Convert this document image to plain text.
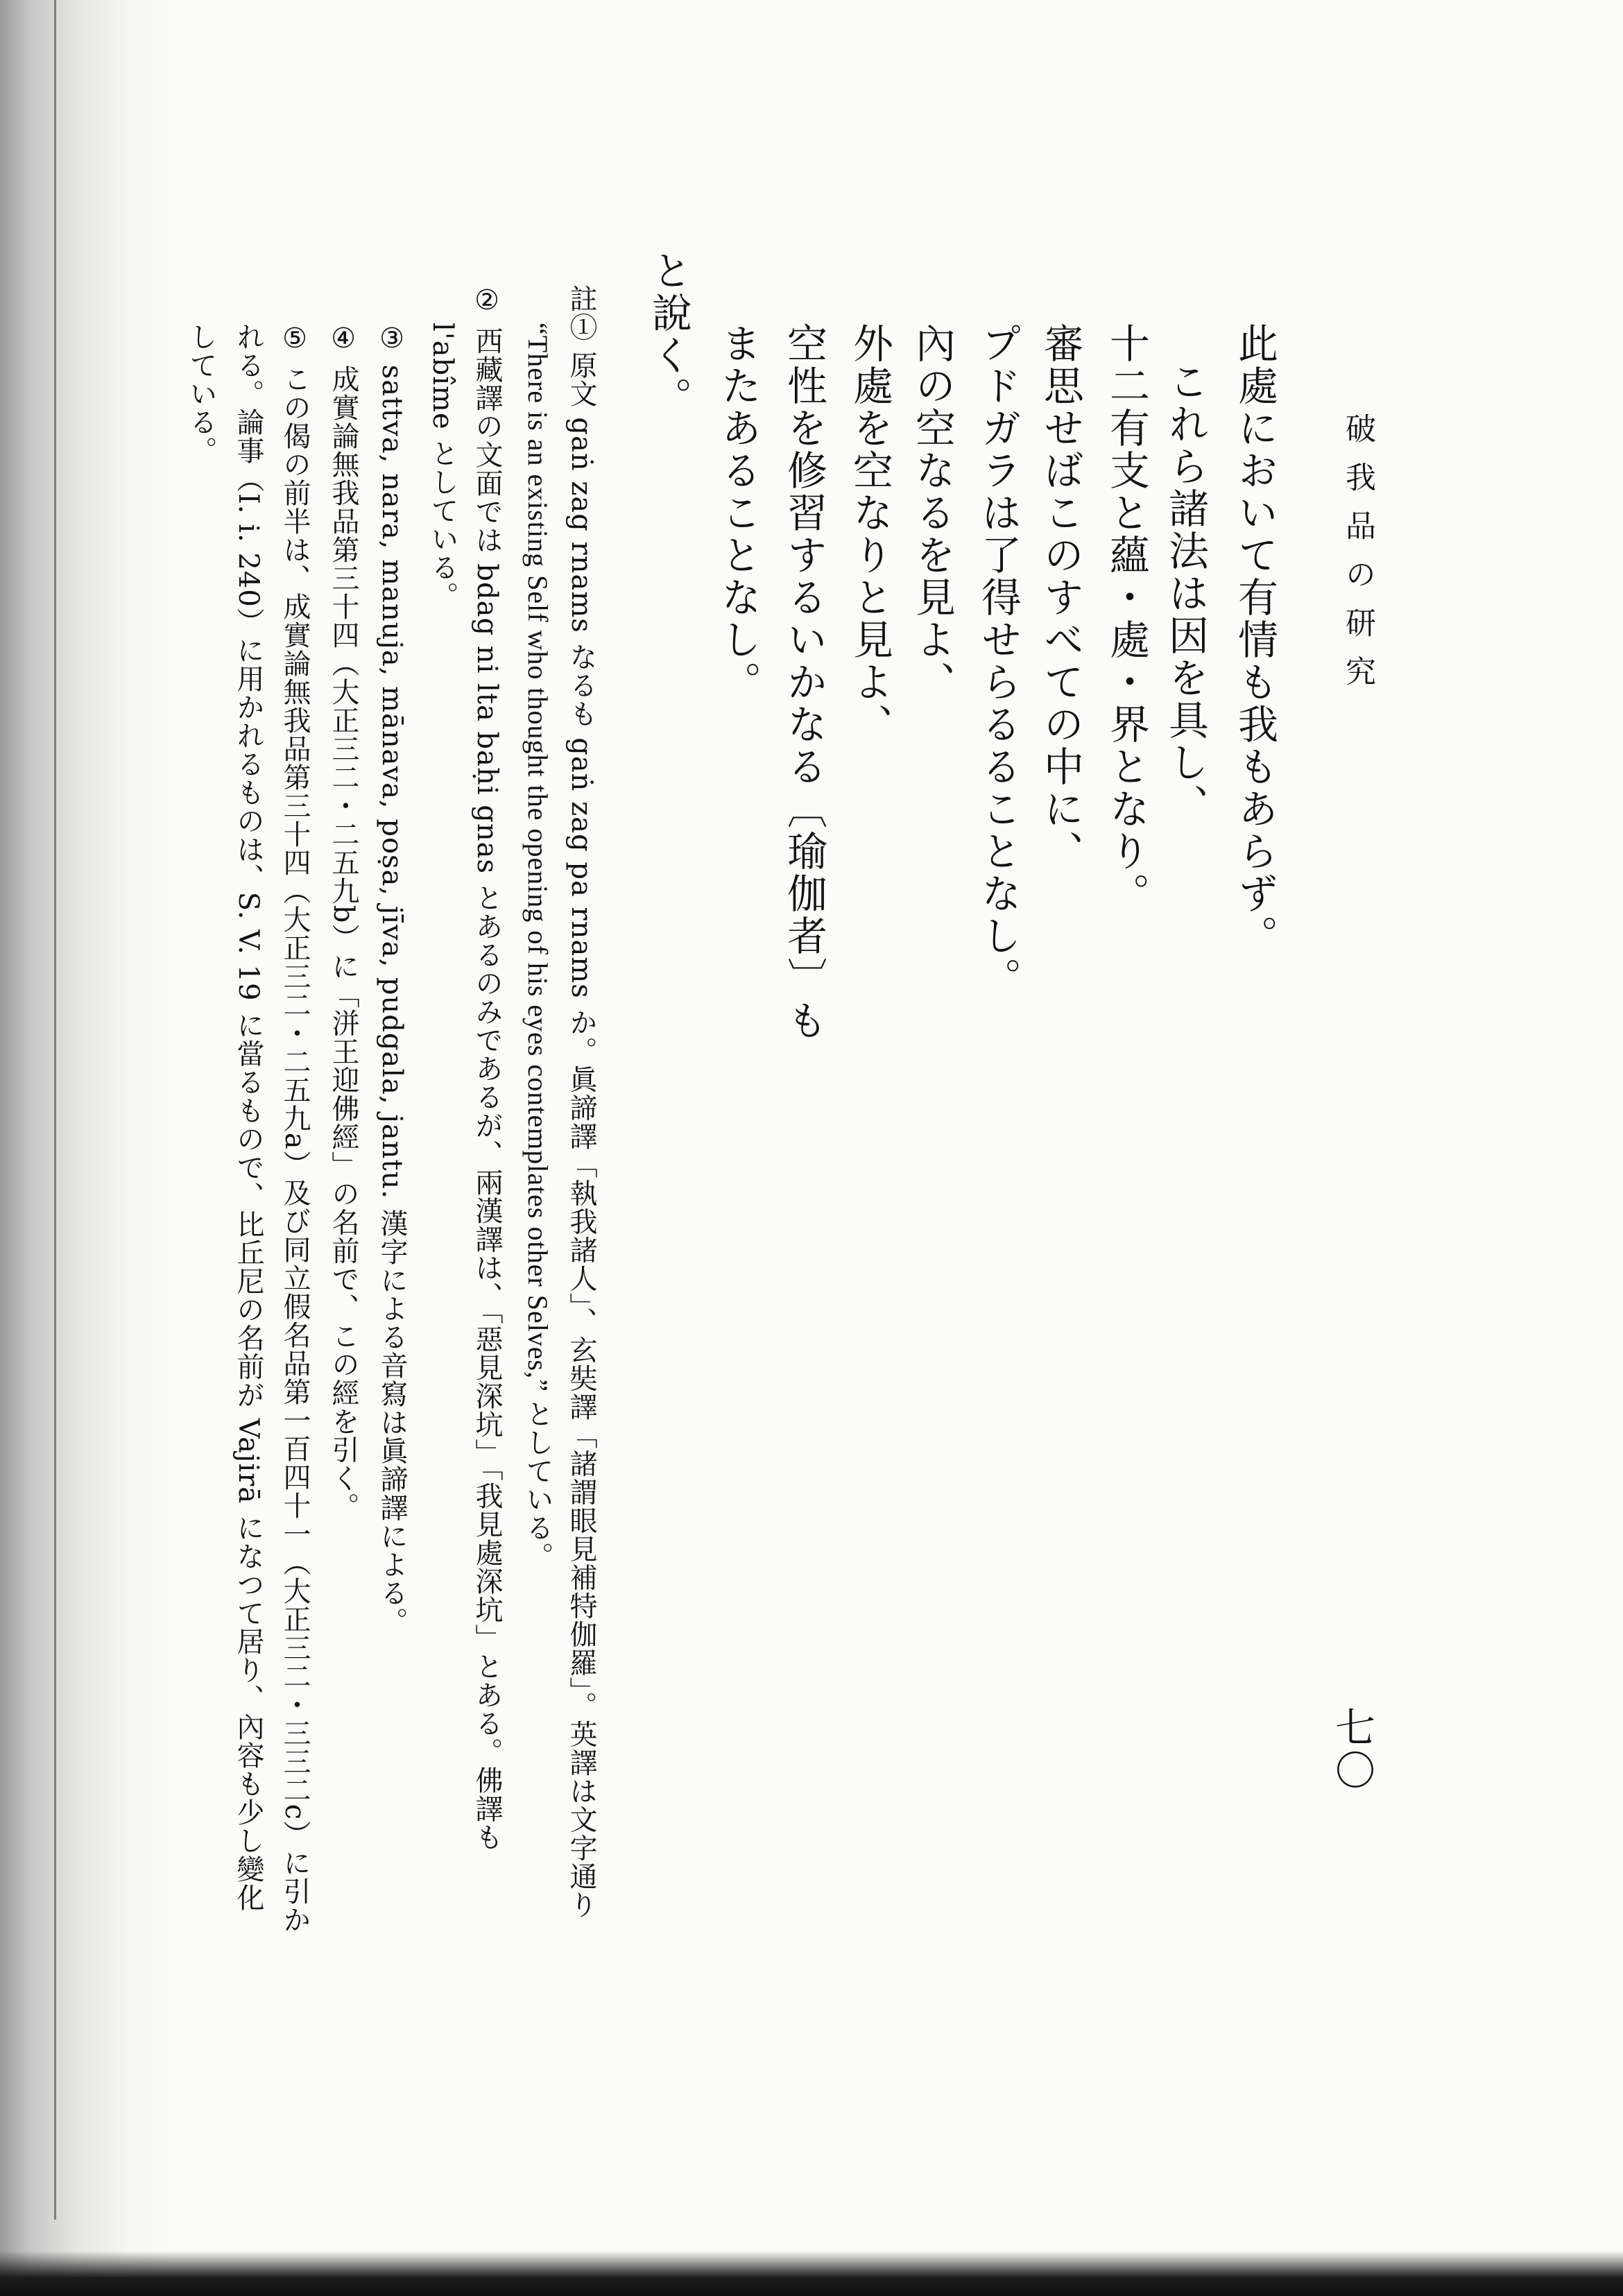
破我品の研究
七〇
此處において有情も我もあらず。
これら諸法は因を具し、
十二有支と蘊・處・界となり。
審思せばこのすべての中に、
プドガラは了得せらるることなし。
內の空なるを見よ、
外處を空なりと見よ、
空性を修習するいかなる〔瑜伽者〕も
またあることなし。
と說く。
註① 原文 gaṅ zag rnams なるも gaṅ zag pa rnams か。眞諦譯「執我諸人」、玄奘譯「諸謂眼見補特伽羅」。英譯は文字通り
“There is an existing Self who thought the opening of his eyes contemplates other Selves,” としている。
② 西藏譯の文面では bdag ni lta baḥi gnas とあるのみであるが、兩漢譯は、「惡見深坑」「我見處深坑」とある。佛譯も
l'abîme としている。
③ sattva, nara, manuja, mānava, poṣa, jīva, pudgala, jantu. 漢字による音寫は眞諦譯による。
④ 成實論無我品第三十四（大正三二・二五九b）に「洴王迎佛經」の名前で、この經を引く。
⑤ この偈の前半は、成實論無我品第三十四（大正三二・二五九a）及び同立假名品第一百四十一（大正三二・三三二c）に引か
れる。論事（I. i. 240）に用かれるものは、S. V. 19 に當るもので、比丘尼の名前が Vajirā になつて居り、內容も少し變化
している。
